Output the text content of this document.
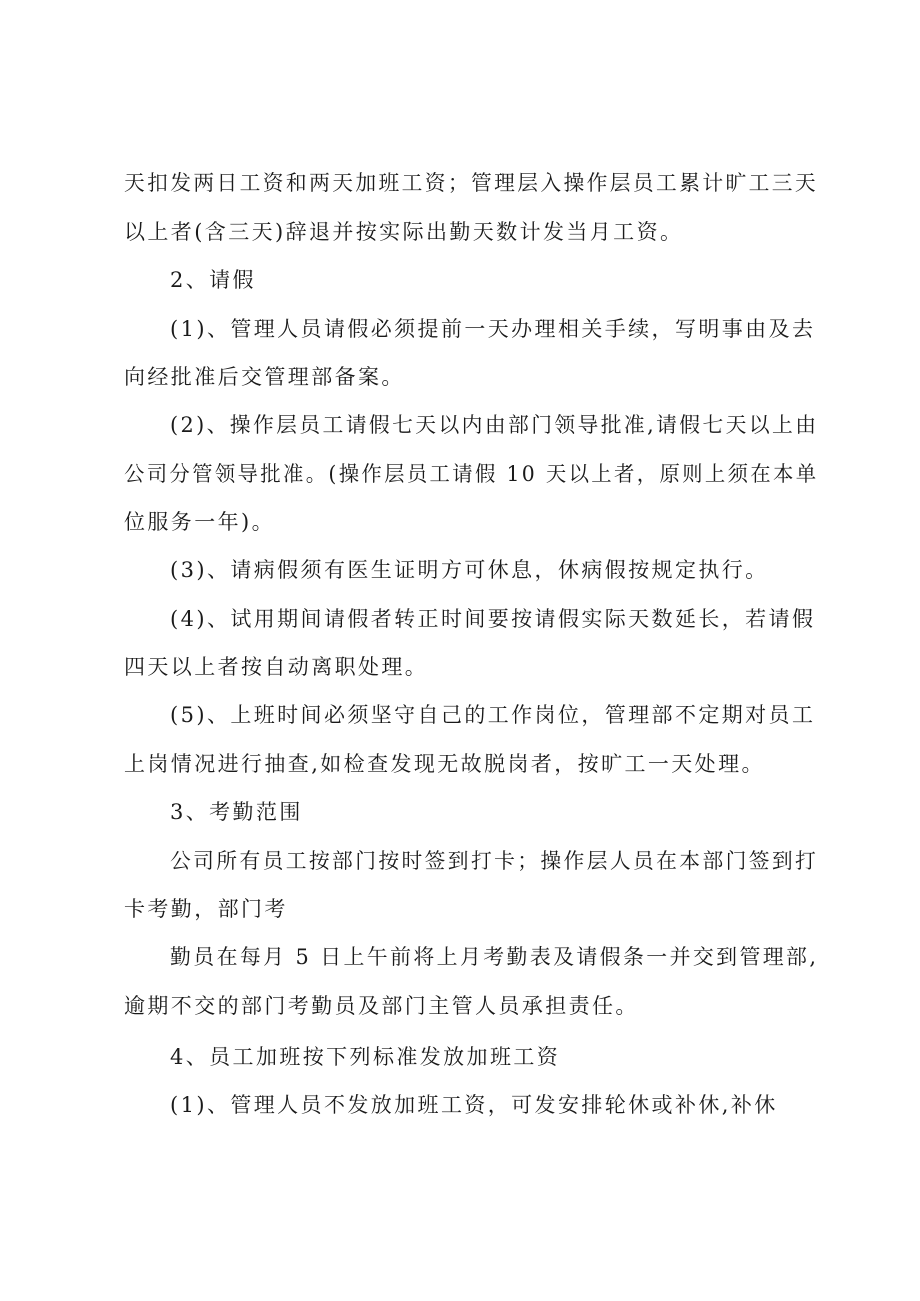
天扣发两日工资和两天加班工资；管理层入操作层员工累计旷工三天

以上者(含三天)辞退并按实际出勤天数计发当月工资。

2、请假

(1)、管理人员请假必须提前一天办理相关手续，写明事由及去

向经批准后交管理部备案。

(2)、操作层员工请假七天以内由部门领导批准,请假七天以上由

公司分管领导批准。(操作层员工请假 10 天以上者，原则上须在本单

位服务一年)。

(3)、请病假须有医生证明方可休息，休病假按规定执行。

(4)、试用期间请假者转正时间要按请假实际天数延长，若请假

四天以上者按自动离职处理。

(5)、上班时间必须坚守自己的工作岗位，管理部不定期对员工

上岗情况进行抽查,如检查发现无故脱岗者，按旷工一天处理。

3、考勤范围

公司所有员工按部门按时签到打卡；操作层人员在本部门签到打

卡考勤，部门考

勤员在每月 5 日上午前将上月考勤表及请假条一并交到管理部,

逾期不交的部门考勤员及部门主管人员承担责任。

4、员工加班按下列标准发放加班工资

(1)、管理人员不发放加班工资，可发安排轮休或补休,补休
